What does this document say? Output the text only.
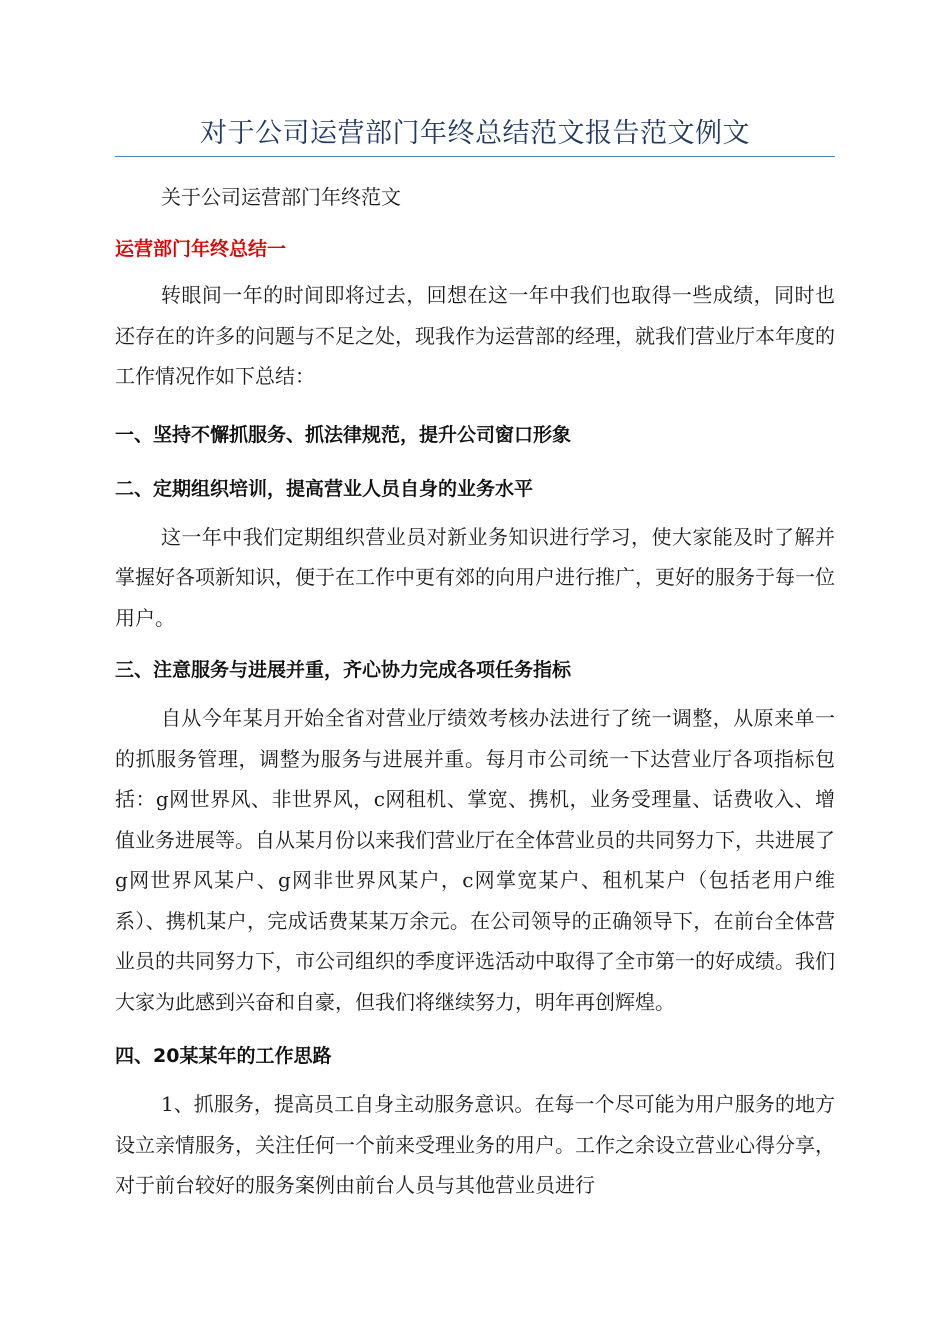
对于公司运营部门年终总结范文报告范文例文

关于公司运营部门年终范文

运营部门年终总结一

转眼间一年的时间即将过去，回想在这一年中我们也取得一些成绩，同时也还存在的许多的问题与不足之处，现我作为运营部的经理，就我们营业厅本年度的工作情况作如下总结：

一、坚持不懈抓服务、抓法律规范，提升公司窗口形象

二、定期组织培训，提高营业人员自身的业务水平

这一年中我们定期组织营业员对新业务知识进行学习，使大家能及时了解并掌握好各项新知识，便于在工作中更有郊的向用户进行推广，更好的服务于每一位用户。

三、注意服务与进展并重，齐心协力完成各项任务指标

自从今年某月开始全省对营业厅绩效考核办法进行了统一调整，从原来单一的抓服务管理，调整为服务与进展并重。每月市公司统一下达营业厅各项指标包括：g网世界风、非世界风，c网租机、掌宽、携机，业务受理量、话费收入、增值业务进展等。自从某月份以来我们营业厅在全体营业员的共同努力下，共进展了g网世界风某户、g网非世界风某户，c网掌宽某户、租机某户（包括老用户维系）、携机某户，完成话费某某万余元。在公司领导的正确领导下，在前台全体营业员的共同努力下，市公司组织的季度评选活动中取得了全市第一的好成绩。我们大家为此感到兴奋和自豪，但我们将继续努力，明年再创辉煌。

四、20某某年的工作思路

1、抓服务，提高员工自身主动服务意识。在每一个尽可能为用户服务的地方设立亲情服务，关注任何一个前来受理业务的用户。工作之余设立营业心得分享，对于前台较好的服务案例由前台人员与其他营业员进行
